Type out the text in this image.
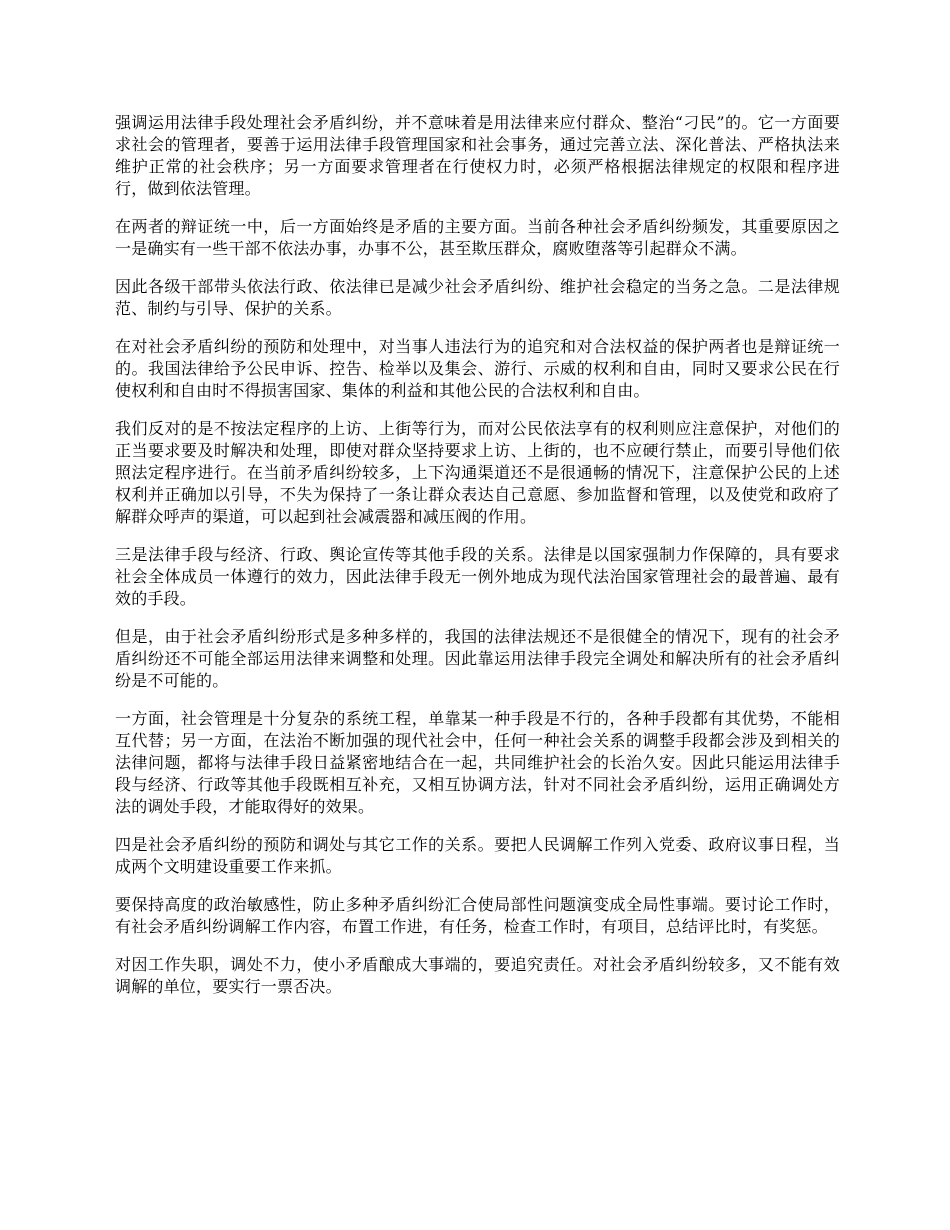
强调运用法律手段处理社会矛盾纠纷，并不意味着是用法律来应付群众、整治“刁民”的。它一方面要求社会的管理者，要善于运用法律手段管理国家和社会事务，通过完善立法、深化普法、严格执法来维护正常的社会秩序；另一方面要求管理者在行使权力时，必须严格根据法律规定的权限和程序进行，做到依法管理。

在两者的辩证统一中，后一方面始终是矛盾的主要方面。当前各种社会矛盾纠纷频发，其重要原因之一是确实有一些干部不依法办事，办事不公，甚至欺压群众，腐败堕落等引起群众不满。

因此各级干部带头依法行政、依法律已是减少社会矛盾纠纷、维护社会稳定的当务之急。二是法律规范、制约与引导、保护的关系。

在对社会矛盾纠纷的预防和处理中，对当事人违法行为的追究和对合法权益的保护两者也是辩证统一的。我国法律给予公民申诉、控告、检举以及集会、游行、示威的权利和自由，同时又要求公民在行使权利和自由时不得损害国家、集体的利益和其他公民的合法权利和自由。

我们反对的是不按法定程序的上访、上街等行为，而对公民依法享有的权利则应注意保护，对他们的正当要求要及时解决和处理，即使对群众坚持要求上访、上街的，也不应硬行禁止，而要引导他们依照法定程序进行。在当前矛盾纠纷较多，上下沟通渠道还不是很通畅的情况下，注意保护公民的上述权利并正确加以引导，不失为保持了一条让群众表达自己意愿、参加监督和管理，以及使党和政府了解群众呼声的渠道，可以起到社会减震器和减压阀的作用。

三是法律手段与经济、行政、舆论宣传等其他手段的关系。法律是以国家强制力作保障的，具有要求社会全体成员一体遵行的效力，因此法律手段无一例外地成为现代法治国家管理社会的最普遍、最有效的手段。

但是，由于社会矛盾纠纷形式是多种多样的，我国的法律法规还不是很健全的情况下，现有的社会矛盾纠纷还不可能全部运用法律来调整和处理。因此靠运用法律手段完全调处和解决所有的社会矛盾纠纷是不可能的。

一方面，社会管理是十分复杂的系统工程，单靠某一种手段是不行的，各种手段都有其优势，不能相互代替；另一方面，在法治不断加强的现代社会中，任何一种社会关系的调整手段都会涉及到相关的法律问题，都将与法律手段日益紧密地结合在一起，共同维护社会的长治久安。因此只能运用法律手段与经济、行政等其他手段既相互补充，又相互协调方法，针对不同社会矛盾纠纷，运用正确调处方法的调处手段，才能取得好的效果。

四是社会矛盾纠纷的预防和调处与其它工作的关系。要把人民调解工作列入党委、政府议事日程，当成两个文明建设重要工作来抓。

要保持高度的政治敏感性，防止多种矛盾纠纷汇合使局部性问题演变成全局性事端。要讨论工作时，有社会矛盾纠纷调解工作内容，布置工作进，有任务，检查工作时，有项目，总结评比时，有奖惩。

对因工作失职，调处不力，使小矛盾酿成大事端的，要追究责任。对社会矛盾纠纷较多，又不能有效调解的单位，要实行一票否决。
